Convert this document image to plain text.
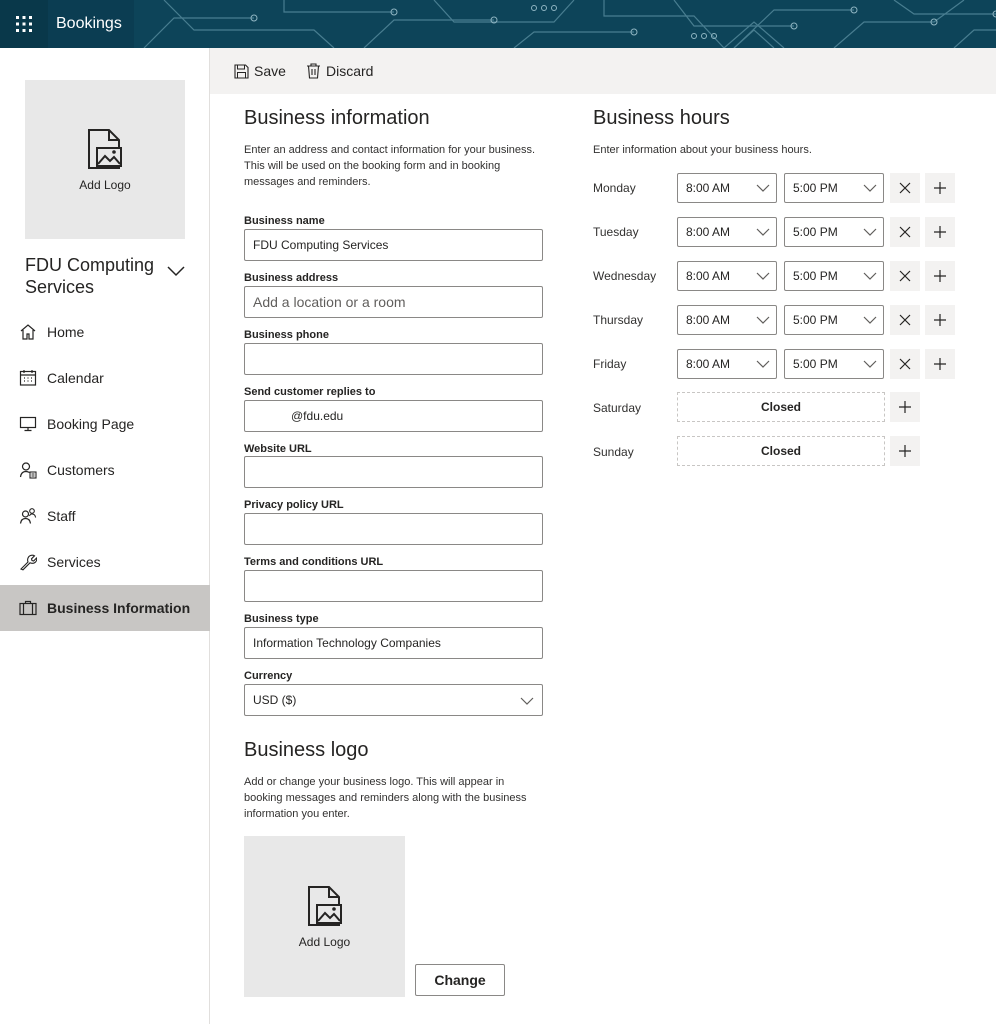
Bookings
Add Logo
FDU Computing Services
Home
Calendar
Booking Page
Customers
Staff
Services
Business Information
Save	Discard
Business information
Enter an address and contact information for your business. This will be used on the booking form and in booking messages and reminders.
Business name
FDU Computing Services
Business address
Add a location or a room
Business phone
Send customer replies to
@fdu.edu
Website URL
Privacy policy URL
Terms and conditions URL
Business type
Information Technology Companies
Currency
USD ($)
Business logo
Add or change your business logo. This will appear in booking messages and reminders along with the business information you enter.
Add Logo
Change
Business hours
Enter information about your business hours.
Monday	8:00 AM	5:00 PM
Tuesday	8:00 AM	5:00 PM
Wednesday 8:00 AM	5:00 PM
Thursday	8:00 AM	5:00 PM
Friday	8:00 AM	5:00 PM
Saturday	Closed
Sunday	Closed
